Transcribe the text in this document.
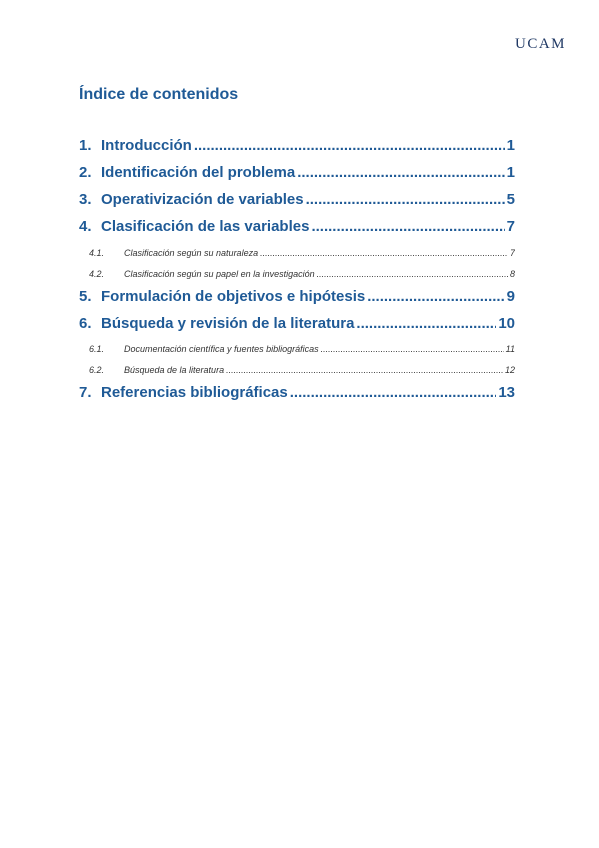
UCAM
Índice de contenidos
1. Introducción .....	1
2. Identificación del problema .....	1
3. Operativización de variables .....	5
4. Clasificación de las variables .....	7
4.1.	Clasificación según su naturaleza .....	7
4.2.	Clasificación según su papel en la investigación .....	8
5. Formulación de objetivos e hipótesis .....	9
6. Búsqueda y revisión de la literatura .....	10
6.1.	Documentación científica y fuentes bibliográficas .....	11
6.2.	Búsqueda de la literatura .....	12
7. Referencias bibliográficas .....	13
